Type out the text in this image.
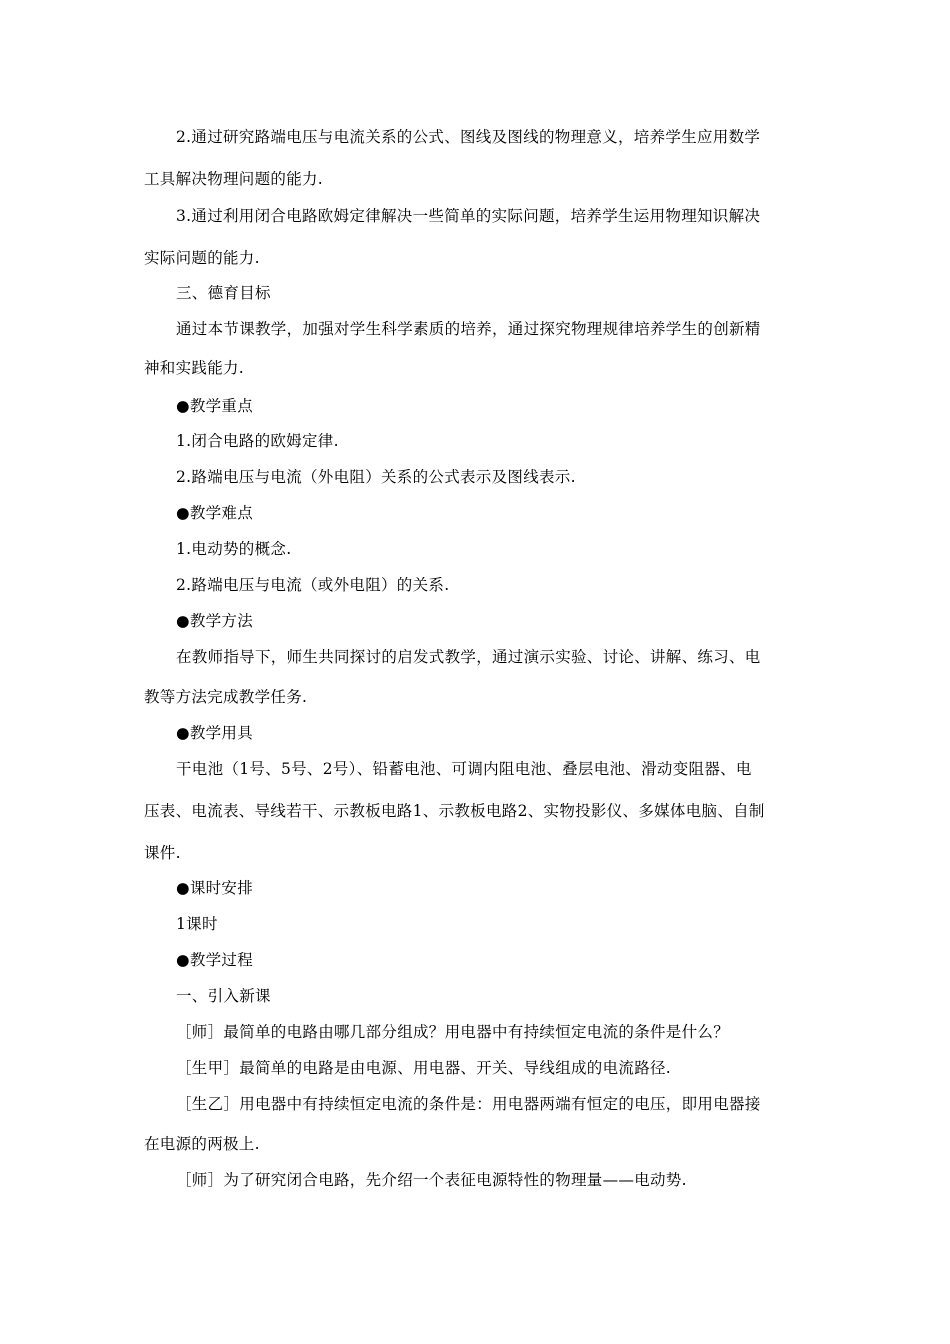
2.通过研究路端电压与电流关系的公式、图线及图线的物理意义，培养学生应用数学
工具解决物理问题的能力.
3.通过利用闭合电路欧姆定律解决一些简单的实际问题，培养学生运用物理知识解决
实际问题的能力.
三、德育目标
通过本节课教学，加强对学生科学素质的培养，通过探究物理规律培养学生的创新精
神和实践能力.
●教学重点
1.闭合电路的欧姆定律.
2.路端电压与电流（外电阻）关系的公式表示及图线表示.
●教学难点
1.电动势的概念.
2.路端电压与电流（或外电阻）的关系.
●教学方法
在教师指导下，师生共同探讨的启发式教学，通过演示实验、讨论、讲解、练习、电
教等方法完成教学任务.
●教学用具
干电池（1号、5号、2号）、铅蓄电池、可调内阻电池、叠层电池、滑动变阻器、电
压表、电流表、导线若干、示教板电路1、示教板电路2、实物投影仪、多媒体电脑、自制
课件.
●课时安排
1课时
●教学过程
一、引入新课
［师］最简单的电路由哪几部分组成？用电器中有持续恒定电流的条件是什么？
［生甲］最简单的电路是由电源、用电器、开关、导线组成的电流路径.
［生乙］用电器中有持续恒定电流的条件是：用电器两端有恒定的电压，即用电器接
在电源的两极上.
［师］为了研究闭合电路，先介绍一个表征电源特性的物理量——电动势.
